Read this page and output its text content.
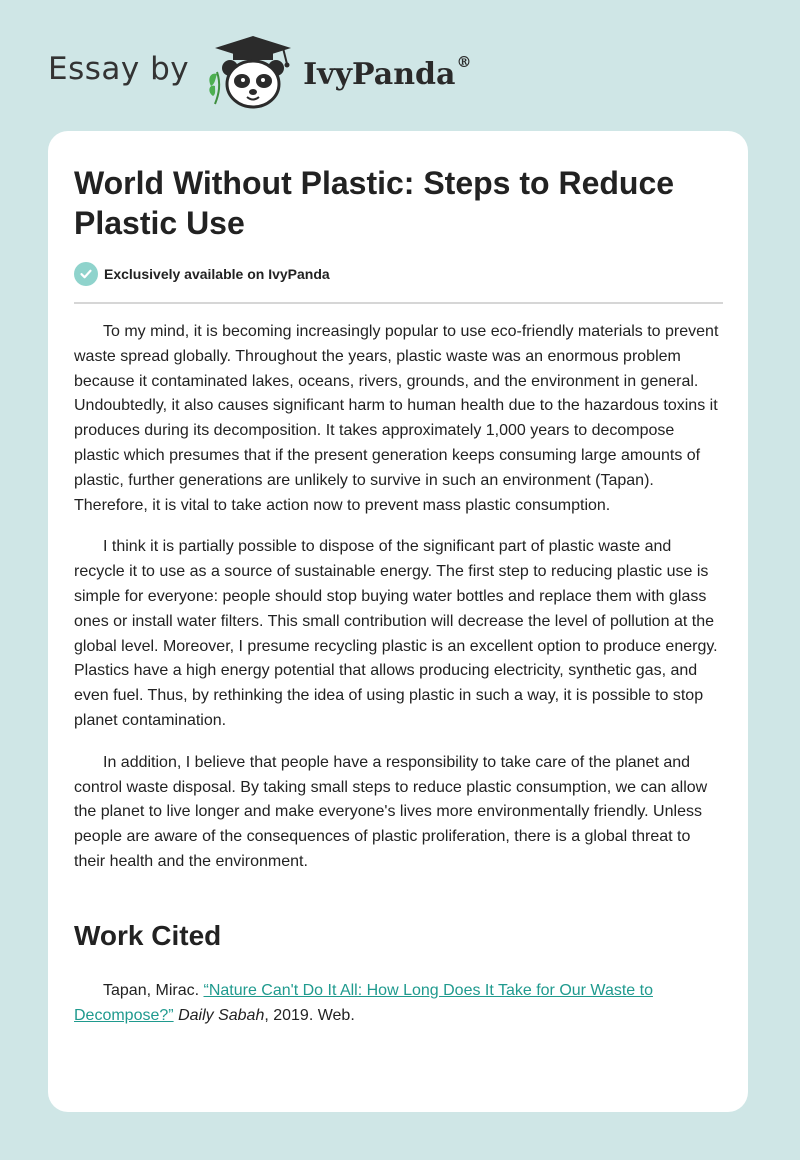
Essay by	IvyPanda®
World Without Plastic: Steps to Reduce Plastic Use
Exclusively available on IvyPanda

To my mind, it is becoming increasingly popular to use eco-friendly materials to prevent waste spread globally. Throughout the years, plastic waste was an enormous problem because it contaminated lakes, oceans, rivers, grounds, and the environment in general. Undoubtedly, it also causes significant harm to human health due to the hazardous toxins it produces during its decomposition. It takes approximately 1,000 years to decompose plastic which presumes that if the present generation keeps consuming large amounts of plastic, further generations are unlikely to survive in such an environment (Tapan). Therefore, it is vital to take action now to prevent mass plastic consumption.

I think it is partially possible to dispose of the significant part of plastic waste and recycle it to use as a source of sustainable energy. The first step to reducing plastic use is simple for everyone: people should stop buying water bottles and replace them with glass ones or install water filters. This small contribution will decrease the level of pollution at the global level. Moreover, I presume recycling plastic is an excellent option to produce energy. Plastics have a high energy potential that allows producing electricity, synthetic gas, and even fuel. Thus, by rethinking the idea of using plastic in such a way, it is possible to stop planet contamination.

In addition, I believe that people have a responsibility to take care of the planet and control waste disposal. By taking small steps to reduce plastic consumption, we can allow the planet to live longer and make everyone's lives more environmentally friendly. Unless people are aware of the consequences of plastic proliferation, there is a global threat to their health and the environment.

Work Cited

Tapan, Mirac. “Nature Can't Do It All: How Long Does It Take for Our Waste to Decompose?” Daily Sabah, 2019. Web.
